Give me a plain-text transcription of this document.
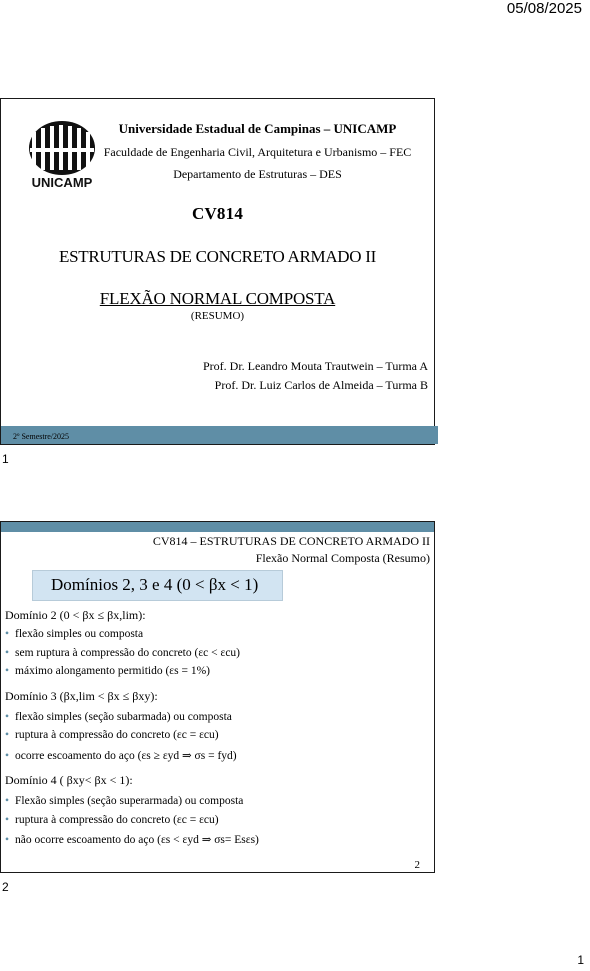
05/08/2025
UNICAMP
Universidade Estadual de Campinas – UNICAMP
Faculdade de Engenharia Civil, Arquitetura e Urbanismo – FEC
Departamento de Estruturas – DES
CV814
ESTRUTURAS DE CONCRETO ARMADO II
FLEXÃO NORMAL COMPOSTA
(RESUMO)
Prof. Dr. Leandro Mouta Trautwein – Turma A
Prof. Dr. Luiz Carlos de Almeida – Turma B
2º Semestre/2025
1
CV814 – ESTRUTURAS DE CONCRETO ARMADO II
Flexão Normal Composta (Resumo)
Domínios 2, 3 e 4 (0 < βx < 1)
Domínio 2 (0 < βx ≤ βx,lim):
• flexão simples ou composta
• sem ruptura à compressão do concreto (εc < εcu)
• máximo alongamento permitido (εs = 1%)
Domínio 3 (βx,lim < βx ≤ βxy):
• flexão simples (seção subarmada) ou composta
• ruptura à compressão do concreto (εc = εcu)
• ocorre escoamento do aço (εs ≥ εyd ⇒ σs = fyd)
Domínio 4 ( βxy< βx < 1):
• Flexão simples (seção superarmada) ou composta
• ruptura à compressão do concreto (εc = εcu)
• não ocorre escoamento do aço (εs < εyd ⇒ σs= Esεs)
2
2
1
